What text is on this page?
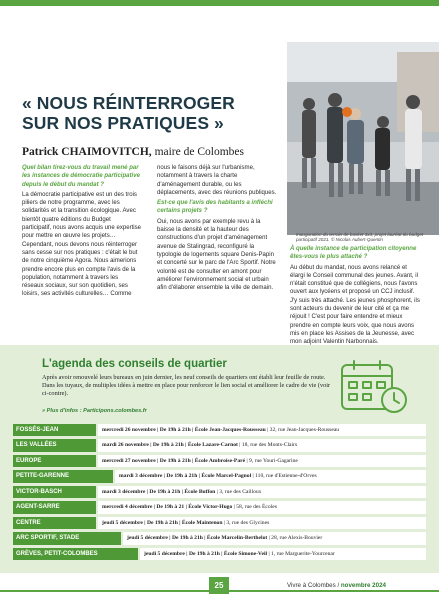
Inauguration du terrain de basket 3x3, projet lauréat du budget participatif 2021. © Nicolas Aubert-Quentin
« NOUS RÉINTERROGER
SUR NOS PRATIQUES »
Patrick CHAIMOVITCH, maire de Colombes

Quel bilan tirez-vous du travail mené par les instances de démocratie participative depuis le début du mandat ?

La démocratie participative est un des trois piliers de notre programme, avec les solidarités et la transition écologique. Avec bientôt quatre éditions du Budget participatif, nous avons acquis une expertise pour mettre en œuvre les projets… Cependant, nous devons nous réinterroger sans cesse sur nos pratiques : c'était le but de notre cinquième Agora. Nous aimerions prendre encore plus en compte l'avis de la population, notamment à travers les réseaux sociaux, sur son quotidien, ses loisirs, ses activités culturelles… Comme

nous le faisons déjà sur l'urbanisme, notamment à travers la charte d'aménagement durable, ou les déplacements, avec des réunions publiques.

Est-ce que l'avis des habitants a infléchi certains projets ?

Oui, nous avons par exemple revu à la baisse la densité et la hauteur des constructions d'un projet d'aménagement avenue de Stalingrad, reconfiguré la typologie de logements square Denis-Papin et concerté sur le parc de l'Arc Sportif. Notre volonté est de consulter en amont pour améliorer l'environnement social et urbain afin d'élaborer ensemble la ville de demain.

À quelle instance de participation citoyenne êtes-vous le plus attaché ?

Au début du mandat, nous avons relancé et élargi le Conseil communal des jeunes. Avant, il n'était constitué que de collégiens, nous l'avons ouvert aux lycéens et proposé un CCJ inclusif. J'y suis très attaché. Les jeunes phosphorent, ils sont acteurs du devenir de leur cité et ça me réjouit ! C'est pour faire entendre et mieux prendre en compte leurs voix, que nous avons mis en place les Assises de la Jeunesse, avec mon adjoint Valentin Narbonnais.

L'agenda des conseils de quartier
Après avoir renouvelé leurs bureaux en juin dernier, les neuf conseils de quartiers ont établi leur feuille de route. Dans les tuyaux, de multiples idées à mettre en place pour renforcer le lien social et améliorer le cadre de vie (voir ci-contre).
» Plus d'infos : Participons.colombes.fr
FOSSÉS-JEAN	mercredi 26 novembre | De 19h à 21h | École Jean-Jacques-Rousseau | 32, rue Jean-Jacques-Rousseau
LES VALLÉES	mardi 26 novembre | De 19h à 21h | École Lazare-Carnot | 18, rue des Monts-Clairs
EUROPE	mercredi 27 novembre | De 19h à 21h | École Ambroise-Paré | 9, rue Youri-Gagarine
PETITE-GARENNE	mardi 3 décembre | De 19h à 21h | École Marcel-Pagnol | 110, rue d'Estienne-d'Orves
VICTOR-BASCH	mardi 3 décembre | De 19h à 21h | École Buffon | 3, rue des Cailloux
AGENT-SARRE	mercredi 4 décembre | De 19h à 21 | École Victor-Hugo | 58, rue des Écoles
CENTRE	jeudi 5 décembre | De 19h à 21h | École Maintenon | 3, rue des Glycines
ARC SPORTIF, STADE	jeudi 5 décembre | De 19h à 21h | École Marcelin-Berthelot | 28, rue Alexis-Bouvier
GRÈVES, PETIT-COLOMBES	jeudi 5 décembre | De 19h à 21h | École Simone-Veil | 1, rue Marguerite-Yourcenar
25	Vivre à Colombes / novembre 2024
